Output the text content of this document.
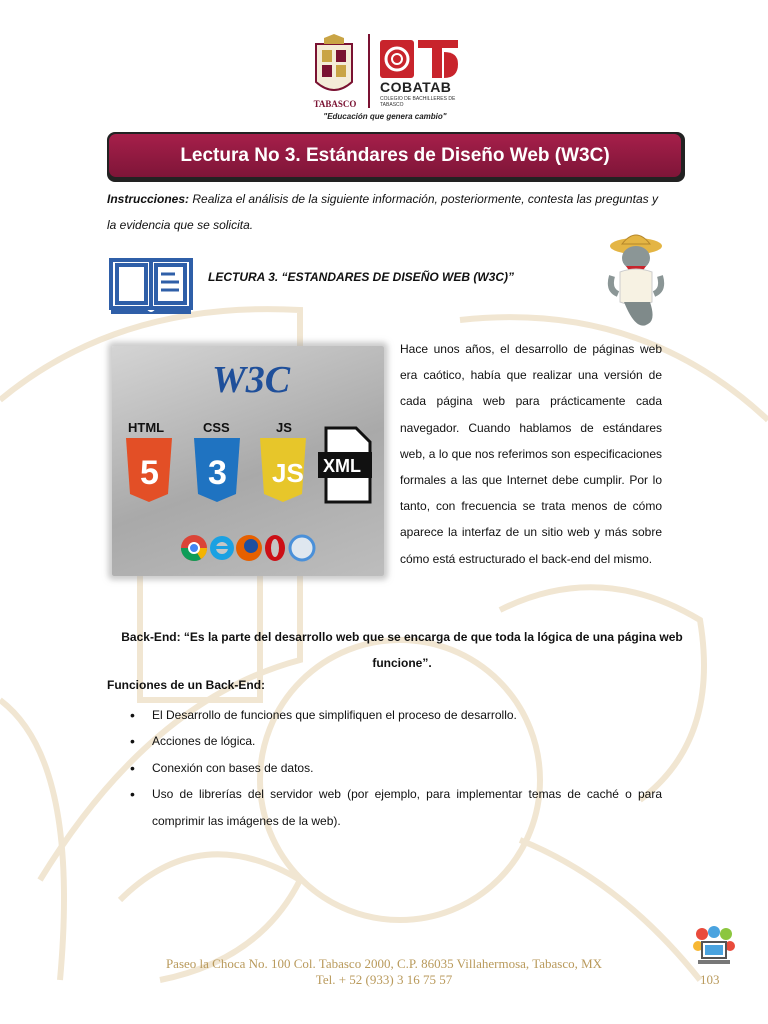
TABASCO
COBATAB
COLEGIO DE BACHILLERES DE TABASCO
"Educación que genera cambio"
Lectura No 3. Estándares de Diseño Web (W3C)
Instrucciones: Realiza el análisis de la siguiente información, posteriormente, contesta las preguntas y la evidencia que se solicita.
LECTURA 3. “ESTANDARES DE DISEÑO WEB (W3C)”
W3C
HTML
5
CSS
3
JS
JS XML
Hace unos años, el desarrollo de páginas web era caótico, había que realizar una versión de cada página web para prácticamente cada navegador. Cuando hablamos de estándares web, a lo que nos referimos son especificaciones formales a las que Internet debe cumplir. Por lo tanto, con frecuencia se trata menos de cómo aparece la interfaz de un sitio web y más sobre cómo está estructurado el back-end del mismo.
Back-End: “Es la parte del desarrollo web que se encarga de que toda la lógica de una página web funcione”.
Funciones de un Back-End:
• El Desarrollo de funciones que simplifiquen el proceso de desarrollo.
• Acciones de lógica.
• Conexión con bases de datos.
• Uso de librerías del servidor web (por ejemplo, para implementar temas de caché o para comprimir las imágenes de la web).
Paseo la Choca No. 100 Col. Tabasco 2000, C.P. 86035 Villahermosa, Tabasco, MX
Tel. + 52 (933) 3 16 75 57	103
